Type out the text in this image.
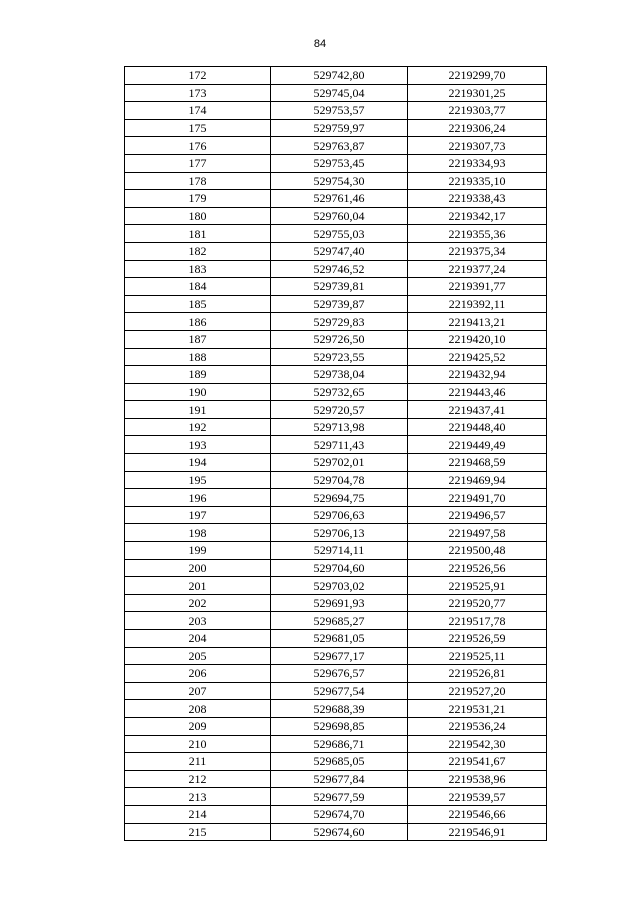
84
172	529742,80	2219299,70
173	529745,04	2219301,25
174	529753,57	2219303,77
175	529759,97	2219306,24
176	529763,87	2219307,73
177	529753,45	2219334,93
178	529754,30	2219335,10
179	529761,46	2219338,43
180	529760,04	2219342,17
181	529755,03	2219355,36
182	529747,40	2219375,34
183	529746,52	2219377,24
184	529739,81	2219391,77
185	529739,87	2219392,11
186	529729,83	2219413,21
187	529726,50	2219420,10
188	529723,55	2219425,52
189	529738,04	2219432,94
190	529732,65	2219443,46
191	529720,57	2219437,41
192	529713,98	2219448,40
193	529711,43	2219449,49
194	529702,01	2219468,59
195	529704,78	2219469,94
196	529694,75	2219491,70
197	529706,63	2219496,57
198	529706,13	2219497,58
199	529714,11	2219500,48
200	529704,60	2219526,56
201	529703,02	2219525,91
202	529691,93	2219520,77
203	529685,27	2219517,78
204	529681,05	2219526,59
205	529677,17	2219525,11
206	529676,57	2219526,81
207	529677,54	2219527,20
208	529688,39	2219531,21
209	529698,85	2219536,24
210	529686,71	2219542,30
211	529685,05	2219541,67
212	529677,84	2219538,96
213	529677,59	2219539,57
214	529674,70	2219546,66
215	529674,60	2219546,91
